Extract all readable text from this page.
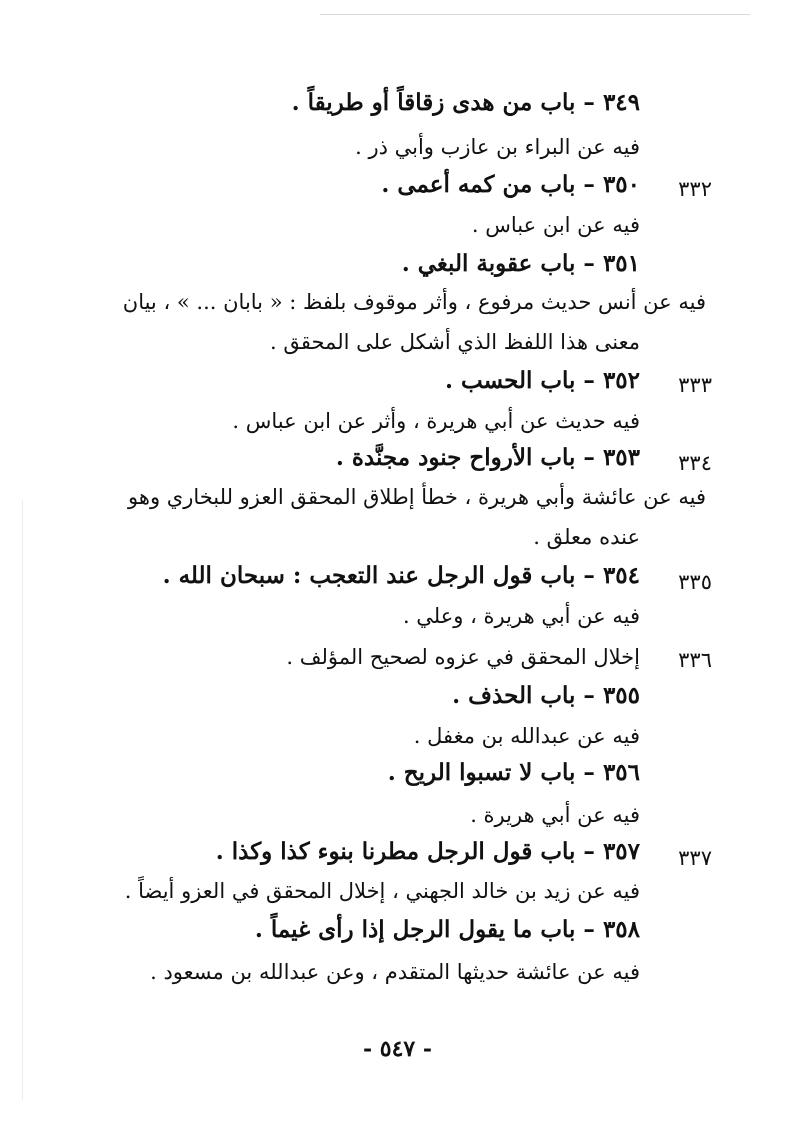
٣٤٩ – باب من هدى زقاقاً أو طريقاً .
فيه عن البراء بن عازب وأبي ذر .
٣٣٢
٣٥٠ – باب من كمه أعمى .
فيه عن ابن عباس .
٣٥١ – باب عقوبة البغي .
فيه عن أنس حديث مرفوع ، وأثر موقوف بلفظ : « بابان ... » ، بيان
معنى هذا اللفظ الذي أشكل على المحقق .
٣٣٣
٣٥٢ – باب الحسب .
فيه حديث عن أبي هريرة ، وأثر عن ابن عباس .
٣٣٤
٣٥٣ – باب الأرواح جنود مجنَّدة .
فيه عن عائشة وأبي هريرة ، خطأ إطلاق المحقق العزو للبخاري وهو
عنده معلق .
٣٣٥
٣٥٤ – باب قول الرجل عند التعجب : سبحان الله .
فيه عن أبي هريرة ، وعلي .
٣٣٦
إخلال المحقق في عزوه لصحيح المؤلف .
٣٥٥ – باب الحذف .
فيه عن عبدالله بن مغفل .
٣٥٦ – باب لا تسبوا الريح .
فيه عن أبي هريرة .
٣٣٧
٣٥٧ – باب قول الرجل مطرنا بنوء كذا وكذا .
فيه عن زيد بن خالد الجهني ، إخلال المحقق في العزو أيضاً .
٣٥٨ – باب ما يقول الرجل إذا رأى غيماً .
فيه عن عائشة حديثها المتقدم ، وعن عبدالله بن مسعود .
- ٥٤٧ -
